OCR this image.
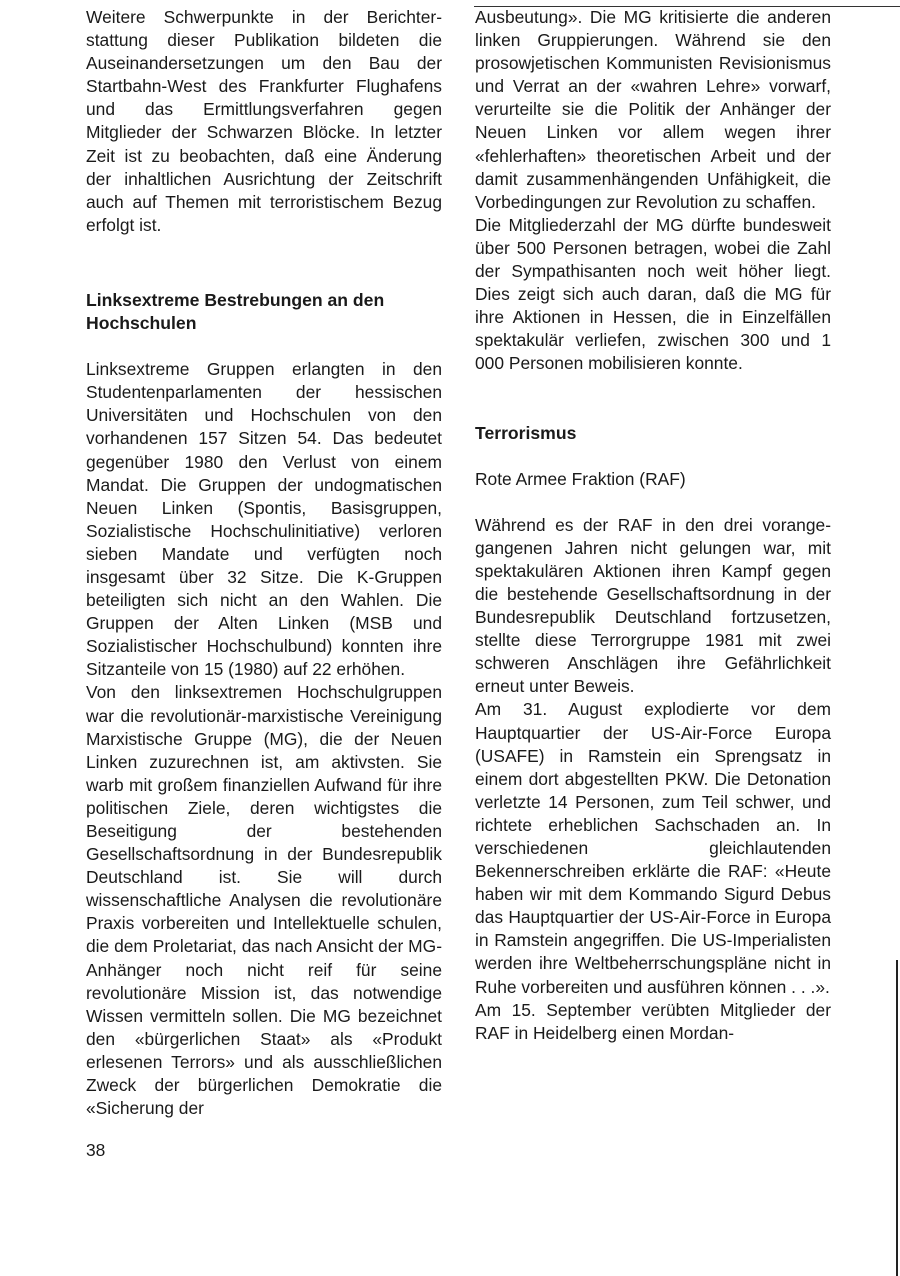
Weitere Schwerpunkte in der Berichterstattung dieser Publikation bildeten die Auseinandersetzungen um den Bau der Startbahn-West des Frankfurter Flughafens und das Ermittlungsverfahren gegen Mitglieder der Schwarzen Blöcke. In letzter Zeit ist zu beobachten, daß eine Änderung der inhaltlichen Ausrichtung der Zeitschrift auch auf Themen mit terroristischem Bezug erfolgt ist.

Linksextreme Bestrebungen an den Hochschulen

Linksextreme Gruppen erlangten in den Studentenparlamenten der hessischen Universitäten und Hochschulen von den vorhandenen 157 Sitzen 54. Das bedeutet gegenüber 1980 den Verlust von einem Mandat. Die Gruppen der undogmatischen Neuen Linken (Spontis, Basisgruppen, Sozialistische Hochschulinitiative) verloren sieben Mandate und verfügten noch insgesamt über 32 Sitze. Die K-Gruppen beteiligten sich nicht an den Wahlen. Die Gruppen der Alten Linken (MSB und Sozialistischer Hochschulbund) konnten ihre Sitzanteile von 15 (1980) auf 22 erhöhen.

Von den linksextremen Hochschulgruppen war die revolutionär-marxistische Vereinigung Marxistische Gruppe (MG), die der Neuen Linken zuzurechnen ist, am aktivsten. Sie warb mit großem finanziellen Aufwand für ihre politischen Ziele, deren wichtigstes die Beseitigung der bestehenden Gesellschaftsordnung in der Bundesrepublik Deutschland ist. Sie will durch wissenschaftliche Analysen die revolutionäre Praxis vorbereiten und Intellektuelle schulen, die dem Proletariat, das nach Ansicht der MG-Anhänger noch nicht reif für seine revolutionäre Mission ist, das notwendige Wissen vermitteln sollen. Die MG bezeichnet den «bürgerlichen Staat» als «Produkt erlesenen Terrors» und als ausschließlichen Zweck der bürgerlichen Demokratie die «Sicherung der

Ausbeutung». Die MG kritisierte die anderen linken Gruppierungen. Während sie den prosowjetischen Kommunisten Revisionismus und Verrat an der «wahren Lehre» vorwarf, verurteilte sie die Politik der Anhänger der Neuen Linken vor allem wegen ihrer «fehlerhaften» theoretischen Arbeit und der damit zusammenhängenden Unfähigkeit, die Vorbedingungen zur Revolution zu schaffen.

Die Mitgliederzahl der MG dürfte bundesweit über 500 Personen betragen, wobei die Zahl der Sympathisanten noch weit höher liegt. Dies zeigt sich auch daran, daß die MG für ihre Aktionen in Hessen, die in Einzelfällen spektakulär verliefen, zwischen 300 und 1 000 Personen mobilisieren konnte.

Terrorismus

Rote Armee Fraktion (RAF)

Während es der RAF in den drei vorangegangenen Jahren nicht gelungen war, mit spektakulären Aktionen ihren Kampf gegen die bestehende Gesellschaftsordnung in der Bundesrepublik Deutschland fortzusetzen, stellte diese Terrorgruppe 1981 mit zwei schweren Anschlägen ihre Gefährlichkeit erneut unter Beweis.

Am 31. August explodierte vor dem Hauptquartier der US-Air-Force Europa (USAFE) in Ramstein ein Sprengsatz in einem dort abgestellten PKW. Die Detonation verletzte 14 Personen, zum Teil schwer, und richtete erheblichen Sachschaden an. In verschiedenen gleichlautenden Bekennerschreiben erklärte die RAF: «Heute haben wir mit dem Kommando Sigurd Debus das Hauptquartier der US-Air-Force in Europa in Ramstein angegriffen. Die US-Imperialisten werden ihre Weltbeherrschungspläne nicht in Ruhe vorbereiten und ausführen können . . .».

Am 15. September verübten Mitglieder der RAF in Heidelberg einen Mordan-

38
